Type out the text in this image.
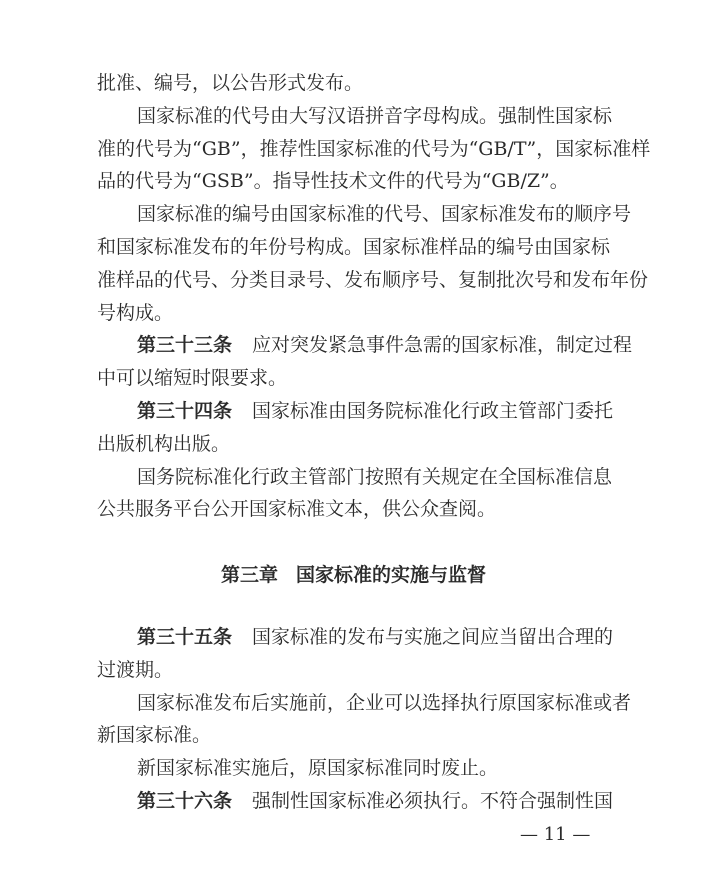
批准、编号，以公告形式发布。
国家标准的代号由大写汉语拼音字母构成。强制性国家标
准的代号为“GB”，推荐性国家标准的代号为“GB/T”，国家标准样
品的代号为“GSB”。指导性技术文件的代号为“GB/Z”。
国家标准的编号由国家标准的代号、国家标准发布的顺序号
和国家标准发布的年份号构成。国家标准样品的编号由国家标
准样品的代号、分类目录号、发布顺序号、复制批次号和发布年份
号构成。
第三十三条 应对突发紧急事件急需的国家标准，制定过程
中可以缩短时限要求。
第三十四条 国家标准由国务院标准化行政主管部门委托
出版机构出版。
国务院标准化行政主管部门按照有关规定在全国标准信息
公共服务平台公开国家标准文本，供公众查阅。
第三十五条 国家标准的发布与实施之间应当留出合理的
过渡期。
国家标准发布后实施前，企业可以选择执行原国家标准或者
新国家标准。
新国家标准实施后，原国家标准同时废止。
第三十六条 强制性国家标准必须执行。不符合强制性国
第三章 国家标准的实施与监督
— 11 —
